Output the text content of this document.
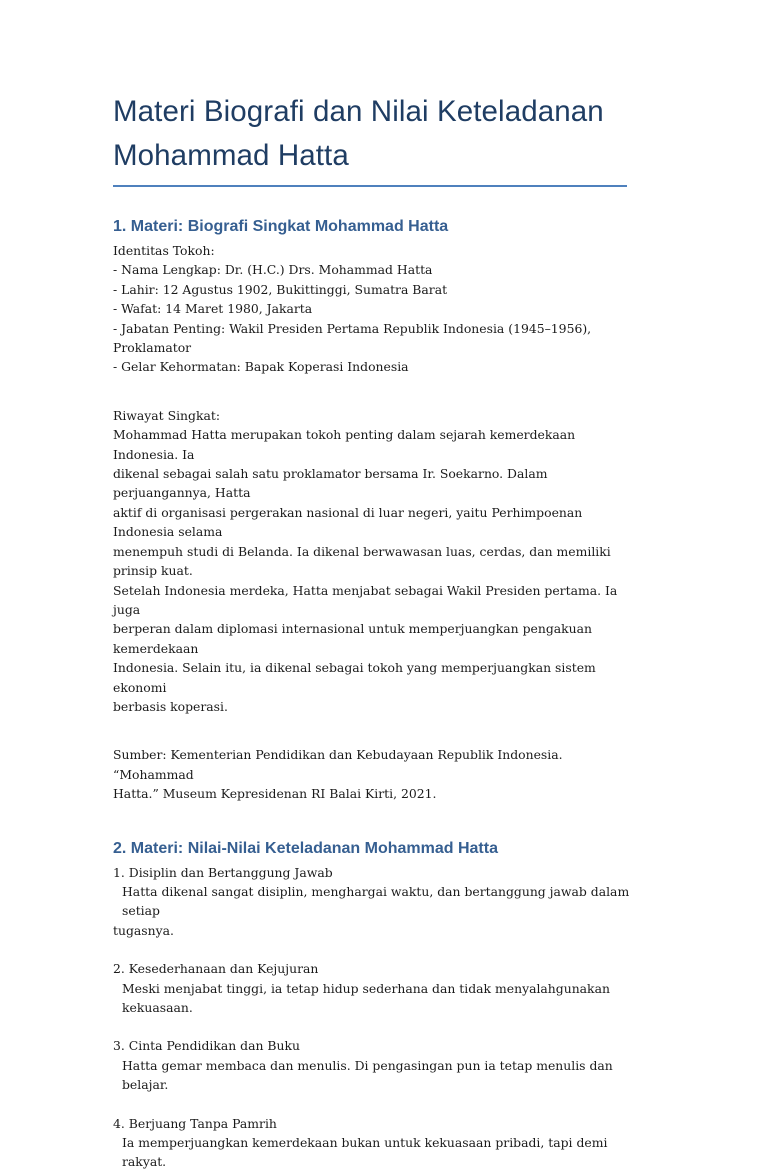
Materi Biografi dan Nilai Keteladanan
Mohammad Hatta
1. Materi: Biografi Singkat Mohammad Hatta
Identitas Tokoh:
- Nama Lengkap: Dr. (H.C.) Drs. Mohammad Hatta
- Lahir: 12 Agustus 1902, Bukittinggi, Sumatra Barat
- Wafat: 14 Maret 1980, Jakarta
- Jabatan Penting: Wakil Presiden Pertama Republik Indonesia (1945–1956), Proklamator
- Gelar Kehormatan: Bapak Koperasi Indonesia
Riwayat Singkat:
Mohammad Hatta merupakan tokoh penting dalam sejarah kemerdekaan Indonesia. Ia
dikenal sebagai salah satu proklamator bersama Ir. Soekarno. Dalam perjuangannya, Hatta
aktif di organisasi pergerakan nasional di luar negeri, yaitu Perhimpoenan Indonesia selama
menempuh studi di Belanda. Ia dikenal berwawasan luas, cerdas, dan memiliki prinsip kuat.
Setelah Indonesia merdeka, Hatta menjabat sebagai Wakil Presiden pertama. Ia juga
berperan dalam diplomasi internasional untuk memperjuangkan pengakuan kemerdekaan
Indonesia. Selain itu, ia dikenal sebagai tokoh yang memperjuangkan sistem ekonomi
berbasis koperasi.
Sumber: Kementerian Pendidikan dan Kebudayaan Republik Indonesia. “Mohammad
Hatta.” Museum Kepresidenan RI Balai Kirti, 2021.
2. Materi: Nilai-Nilai Keteladanan Mohammad Hatta
1. Disiplin dan Bertanggung Jawab
Hatta dikenal sangat disiplin, menghargai waktu, dan bertanggung jawab dalam setiap
tugasnya.
2. Kesederhanaan dan Kejujuran
Meski menjabat tinggi, ia tetap hidup sederhana dan tidak menyalahgunakan kekuasaan.
3. Cinta Pendidikan dan Buku
Hatta gemar membaca dan menulis. Di pengasingan pun ia tetap menulis dan belajar.
4. Berjuang Tanpa Pamrih
Ia memperjuangkan kemerdekaan bukan untuk kekuasaan pribadi, tapi demi rakyat.
